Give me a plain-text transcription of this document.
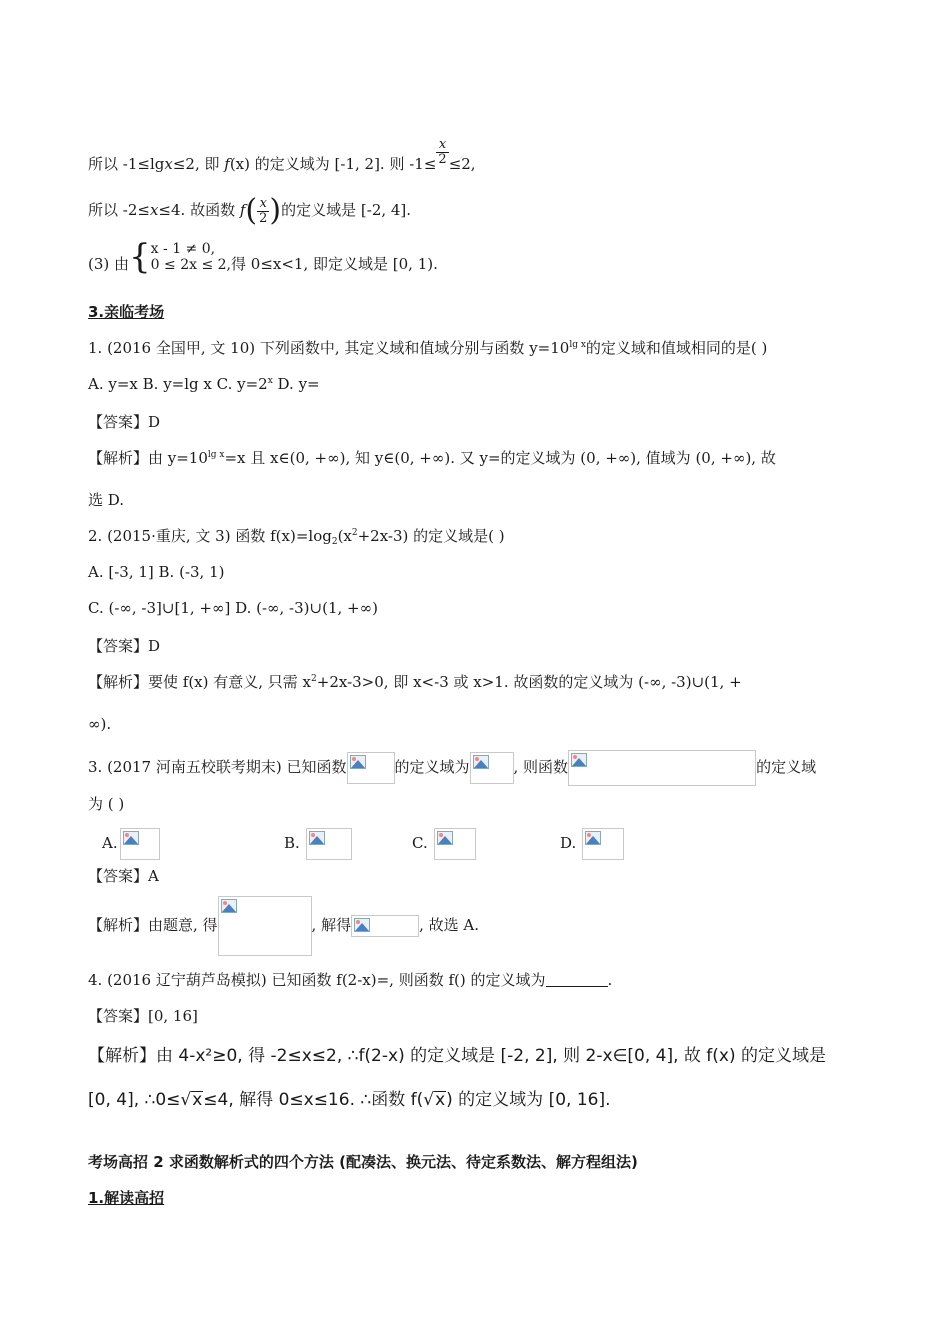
所以 -1≤lgx≤2, 即 f(x) 的定义域为 [-1, 2]. 则 $-1\le \frac{x}{2} \le 2$,
所以 -2≤x≤4. 故函数 $f( \frac{x}{2}$ )的定义域是 [-2, 4].
(3) 由{ x - 1 ≠ 0,
0 ≤ 2x ≤ 2, 得 0≤x<1, 即定义域是 [0, 1).
3.亲临考场
1. (2016 全国甲, 文 10) 下列函数中, 其定义域和值域分别与函数 $y=10^{lg x}$的定义域和值域相同的是( )
A. y=x B. y=lg x C. $y=2^x$ D. y=
【答案】D
【解析】由 $y=10^{lg x}=x$ 且 x∈(0, +∞), 知 y∈(0, +∞). 又 y=的定义域为 (0, +∞), 值域为 (0, +∞), 故
选 D.
2. (2015·重庆, 文 3) 函数 $f(x)=\log_2(x^2+2x-3)$ 的定义域是( )
A. [-3, 1] B. (-3, 1)
C. (-∞, -3]∪[1, +∞] D. (-∞, -3)∪(1, +∞)
【答案】D
【解析】要使 f(x) 有意义, 只需 $x^2+2x-3>0$, 即 x<-3 或 x>1. 故函数的定义域为 (-∞, -3)∪(1, +
∞).
3. (2017 河南五校联考期末) 已知函数	的定义域为	, 则函数	的定义域
为 ( )
A.	B.	C.	D.
【答案】A
【解析】由题意, 得	, 解得	, 故选 A.
4. (2016 辽宁葫芦岛模拟) 已知函数 f(2-x)=, 则函数 f() 的定义域为	.
【答案】[0, 16]
【解析】由 4-x²≥0, 得 -2≤x≤2, ∴f(2-x) 的定义域是 [-2, 2], 则 2-x∈[0, 4], 故 f(x) 的定义域是
[0, 4], ∴0≤√x≤4, 解得 0≤x≤16. ∴函数 f(√x) 的定义域为 [0, 16].
考场高招 2 求函数解析式的四个方法 (配凑法、换元法、待定系数法、解方程组法)
1.解读高招
